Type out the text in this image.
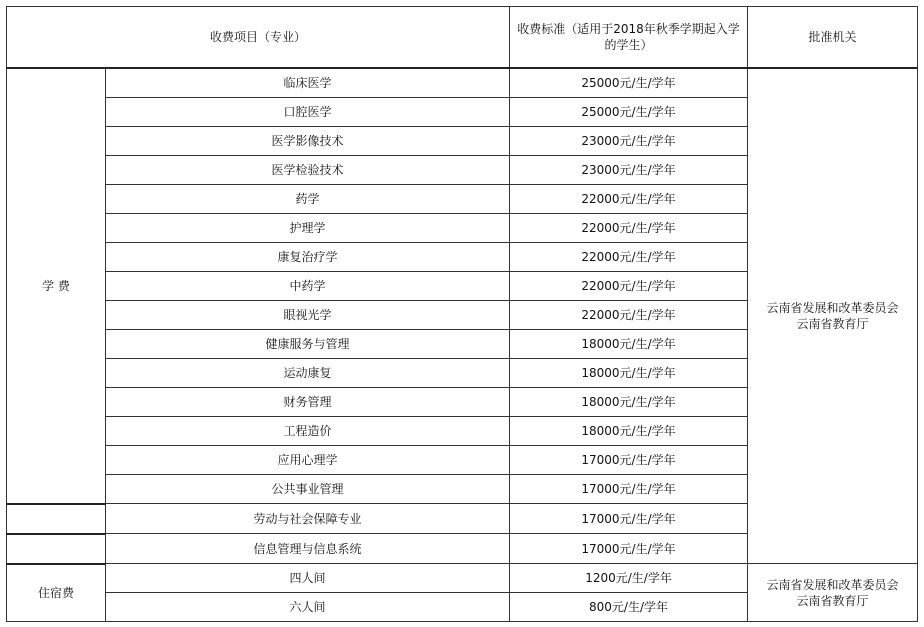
收费项目（专业）		收费标准（适用于2018年秋季学期起入学的学生）	批准机关
学 费	临床医学	25000元/生/学年	云南省发展和改革委员会
云南省教育厅

	口腔医学	25000元/生/学年	
	医学影像技术	23000元/生/学年	
	医学检验技术	23000元/生/学年	
	药学	22000元/生/学年	
	护理学	22000元/生/学年	
	康复治疗学	22000元/生/学年	
	中药学	22000元/生/学年	
	眼视光学	22000元/生/学年	
	健康服务与管理	18000元/生/学年	
	运动康复	18000元/生/学年	
	财务管理	18000元/生/学年	
	工程造价	18000元/生/学年	
	应用心理学	17000元/生/学年	
	公共事业管理	17000元/生/学年	
	劳动与社会保障专业	17000元/生/学年	
	信息管理与信息系统	17000元/生/学年	
住宿费	四人间	1200元/生/学年	云南省发展和改革委员会
云南省教育厅

	六人间	800元/生/学年	
